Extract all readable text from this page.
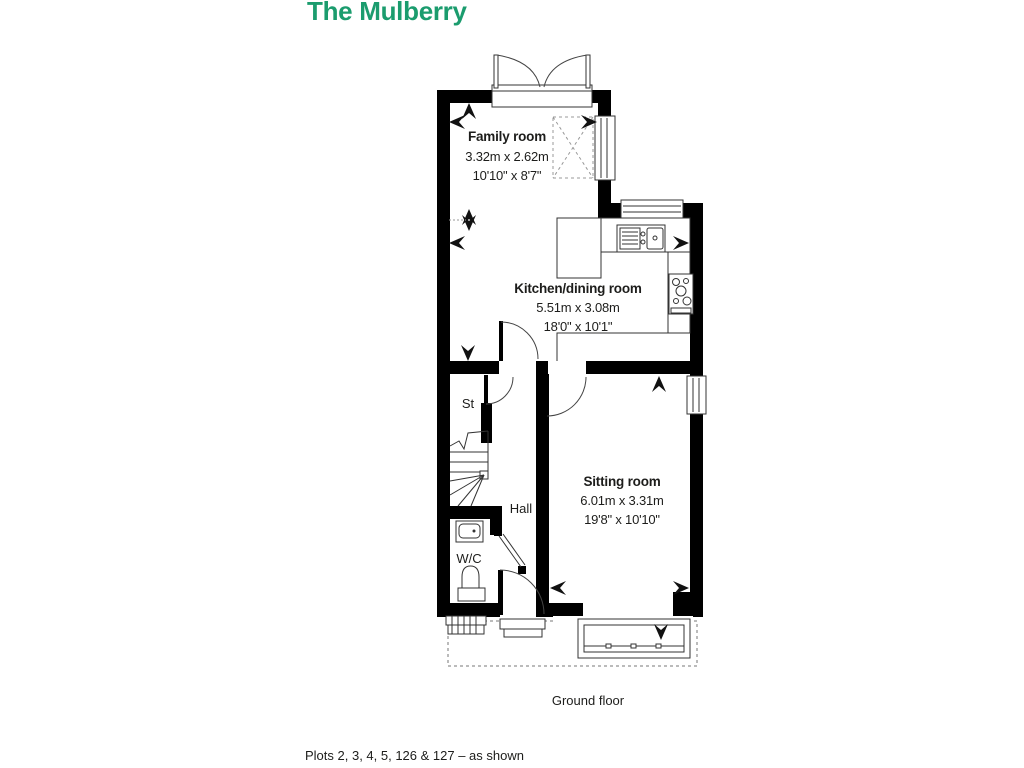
The Mulberry
Family room
3.32m x 2.62m
10'10" x 8'7"
Kitchen/dining room
5.51m x 3.08m
18'0" x 10'1"
Sitting room
6.01m x 3.31m
19'8" x 10'10"
St
Hall
W/C
Ground floor
Plots 2, 3, 4, 5, 126 & 127 – as shown
